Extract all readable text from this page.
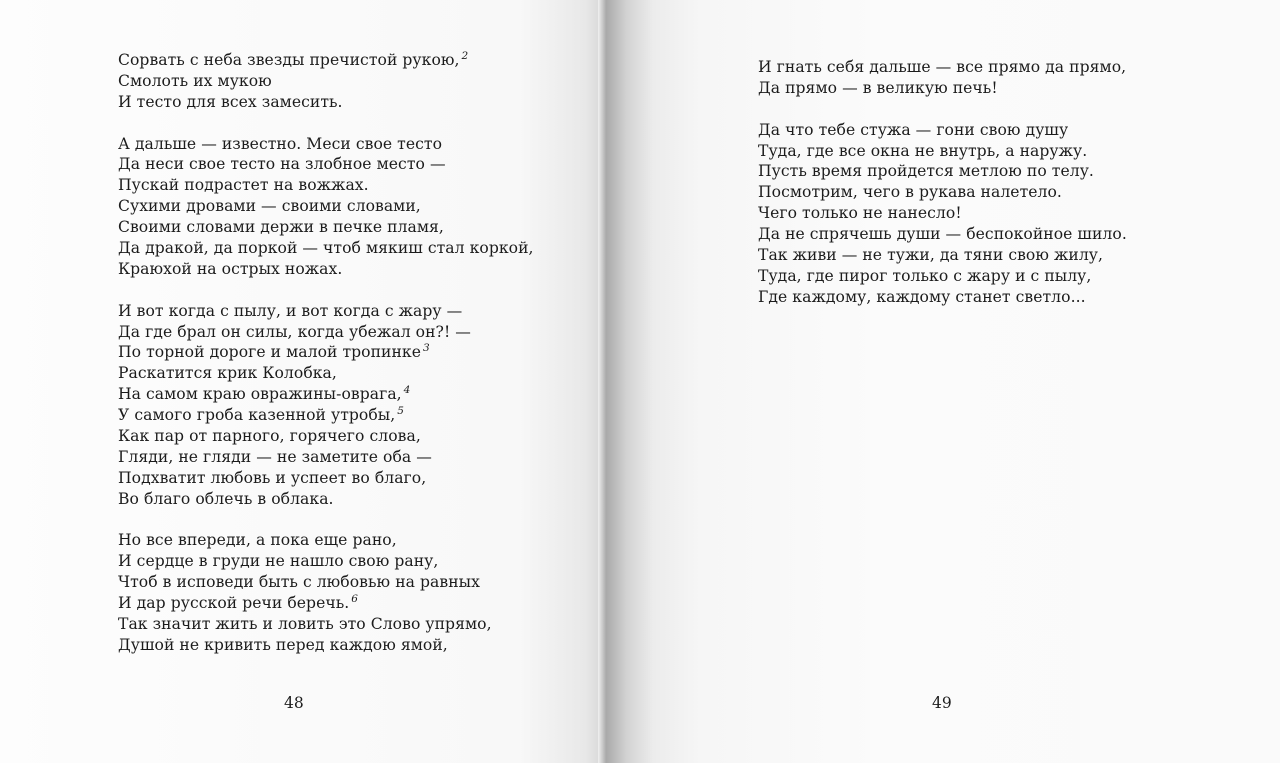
Сорвать с неба звезды пречистой рукою, $^2$
Смолоть их мукою
И тесто для всех замесить.
А дальше — известно. Меси свое тесто
Да неси свое тесто на злобное место —
Пускай подрастет на вожжах.
Сухими дровами — своими словами,
Своими словами держи в печке пламя,
Да дракой, да поркой — чтоб мякиш стал коркой,
Краюхой на острых ножах.
И вот когда с пылу, и вот когда с жару —
Да где брал он силы, когда убежал он?! —
По торной дороге и малой тропинке $^3$
Раскатится крик Колобка,
На самом краю овражины-оврага, $^4$
У самого гроба казенной утробы, $^5$
Как пар от парного, горячего слова,
Гляди, не гляди — не заметите оба —
Подхватит любовь и успеет во благо,
Во благо облечь в облака.
Но все впереди, а пока еще рано,
И сердце в груди не нашло свою рану,
Чтоб в исповеди быть с любовью на равных
И дар русской речи беречь. $^6$
Так значит жить и ловить это Слово упрямо,
Душой не кривить перед каждою ямой,
48
И гнать себя дальше — все прямо да прямо,
Да прямо — в великую печь!
Да что тебе стужа — гони свою душу
Туда, где все окна не внутрь, а наружу.
Пусть время пройдется метлою по телу.
Посмотрим, чего в рукава налетело.
Чего только не нанесло!
Да не спрячешь души — беспокойное шило.
Так живи — не тужи, да тяни свою жилу,
Туда, где пирог только с жару и с пылу,
Где каждому, каждому станет светло...
49
